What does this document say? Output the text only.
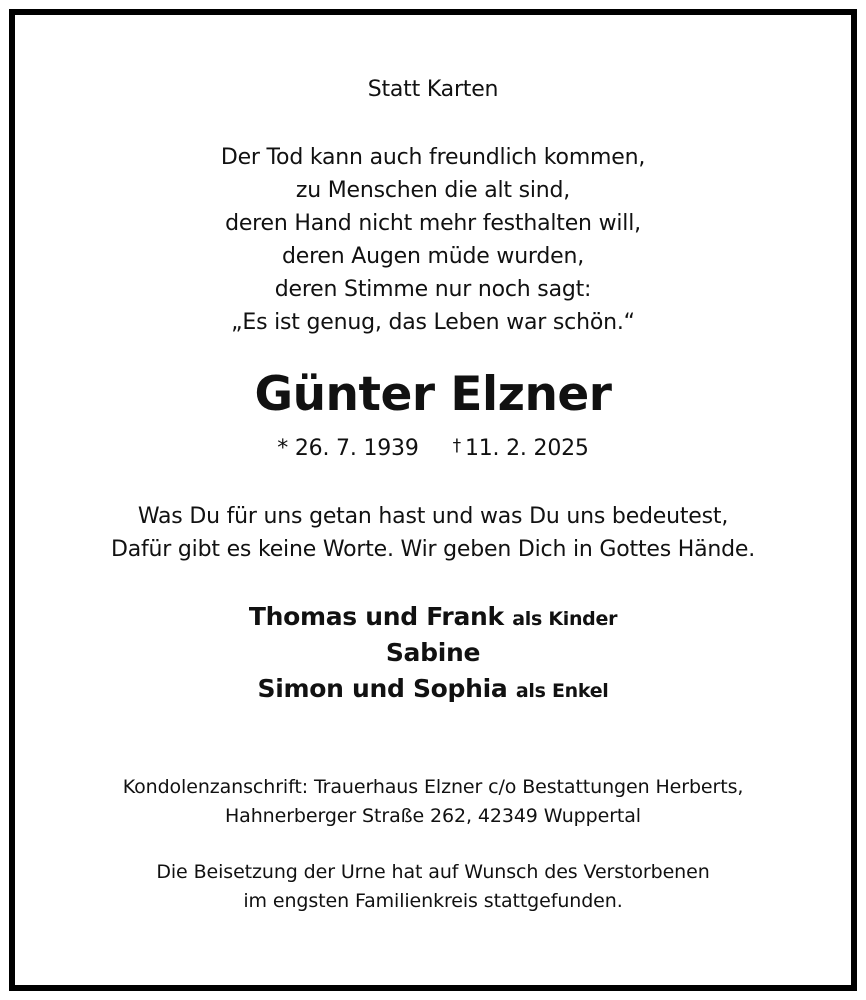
Statt Karten
Der Tod kann auch freundlich kommen,
zu Menschen die alt sind,
deren Hand nicht mehr festhalten will,
deren Augen müde wurden,
deren Stimme nur noch sagt:
„Es ist genug, das Leben war schön.“
Günter Elzner
* 26. 7. 1939 † 11. 2. 2025
Was Du für uns getan hast und was Du uns bedeutest,
Dafür gibt es keine Worte. Wir geben Dich in Gottes Hände.
Thomas und Frank als Kinder
Sabine
Simon und Sophia als Enkel
Kondolenzanschrift: Trauerhaus Elzner c/o Bestattungen Herberts,
Hahnerberger Straße 262, 42349 Wuppertal
Die Beisetzung der Urne hat auf Wunsch des Verstorbenen
im engsten Familienkreis stattgefunden.
